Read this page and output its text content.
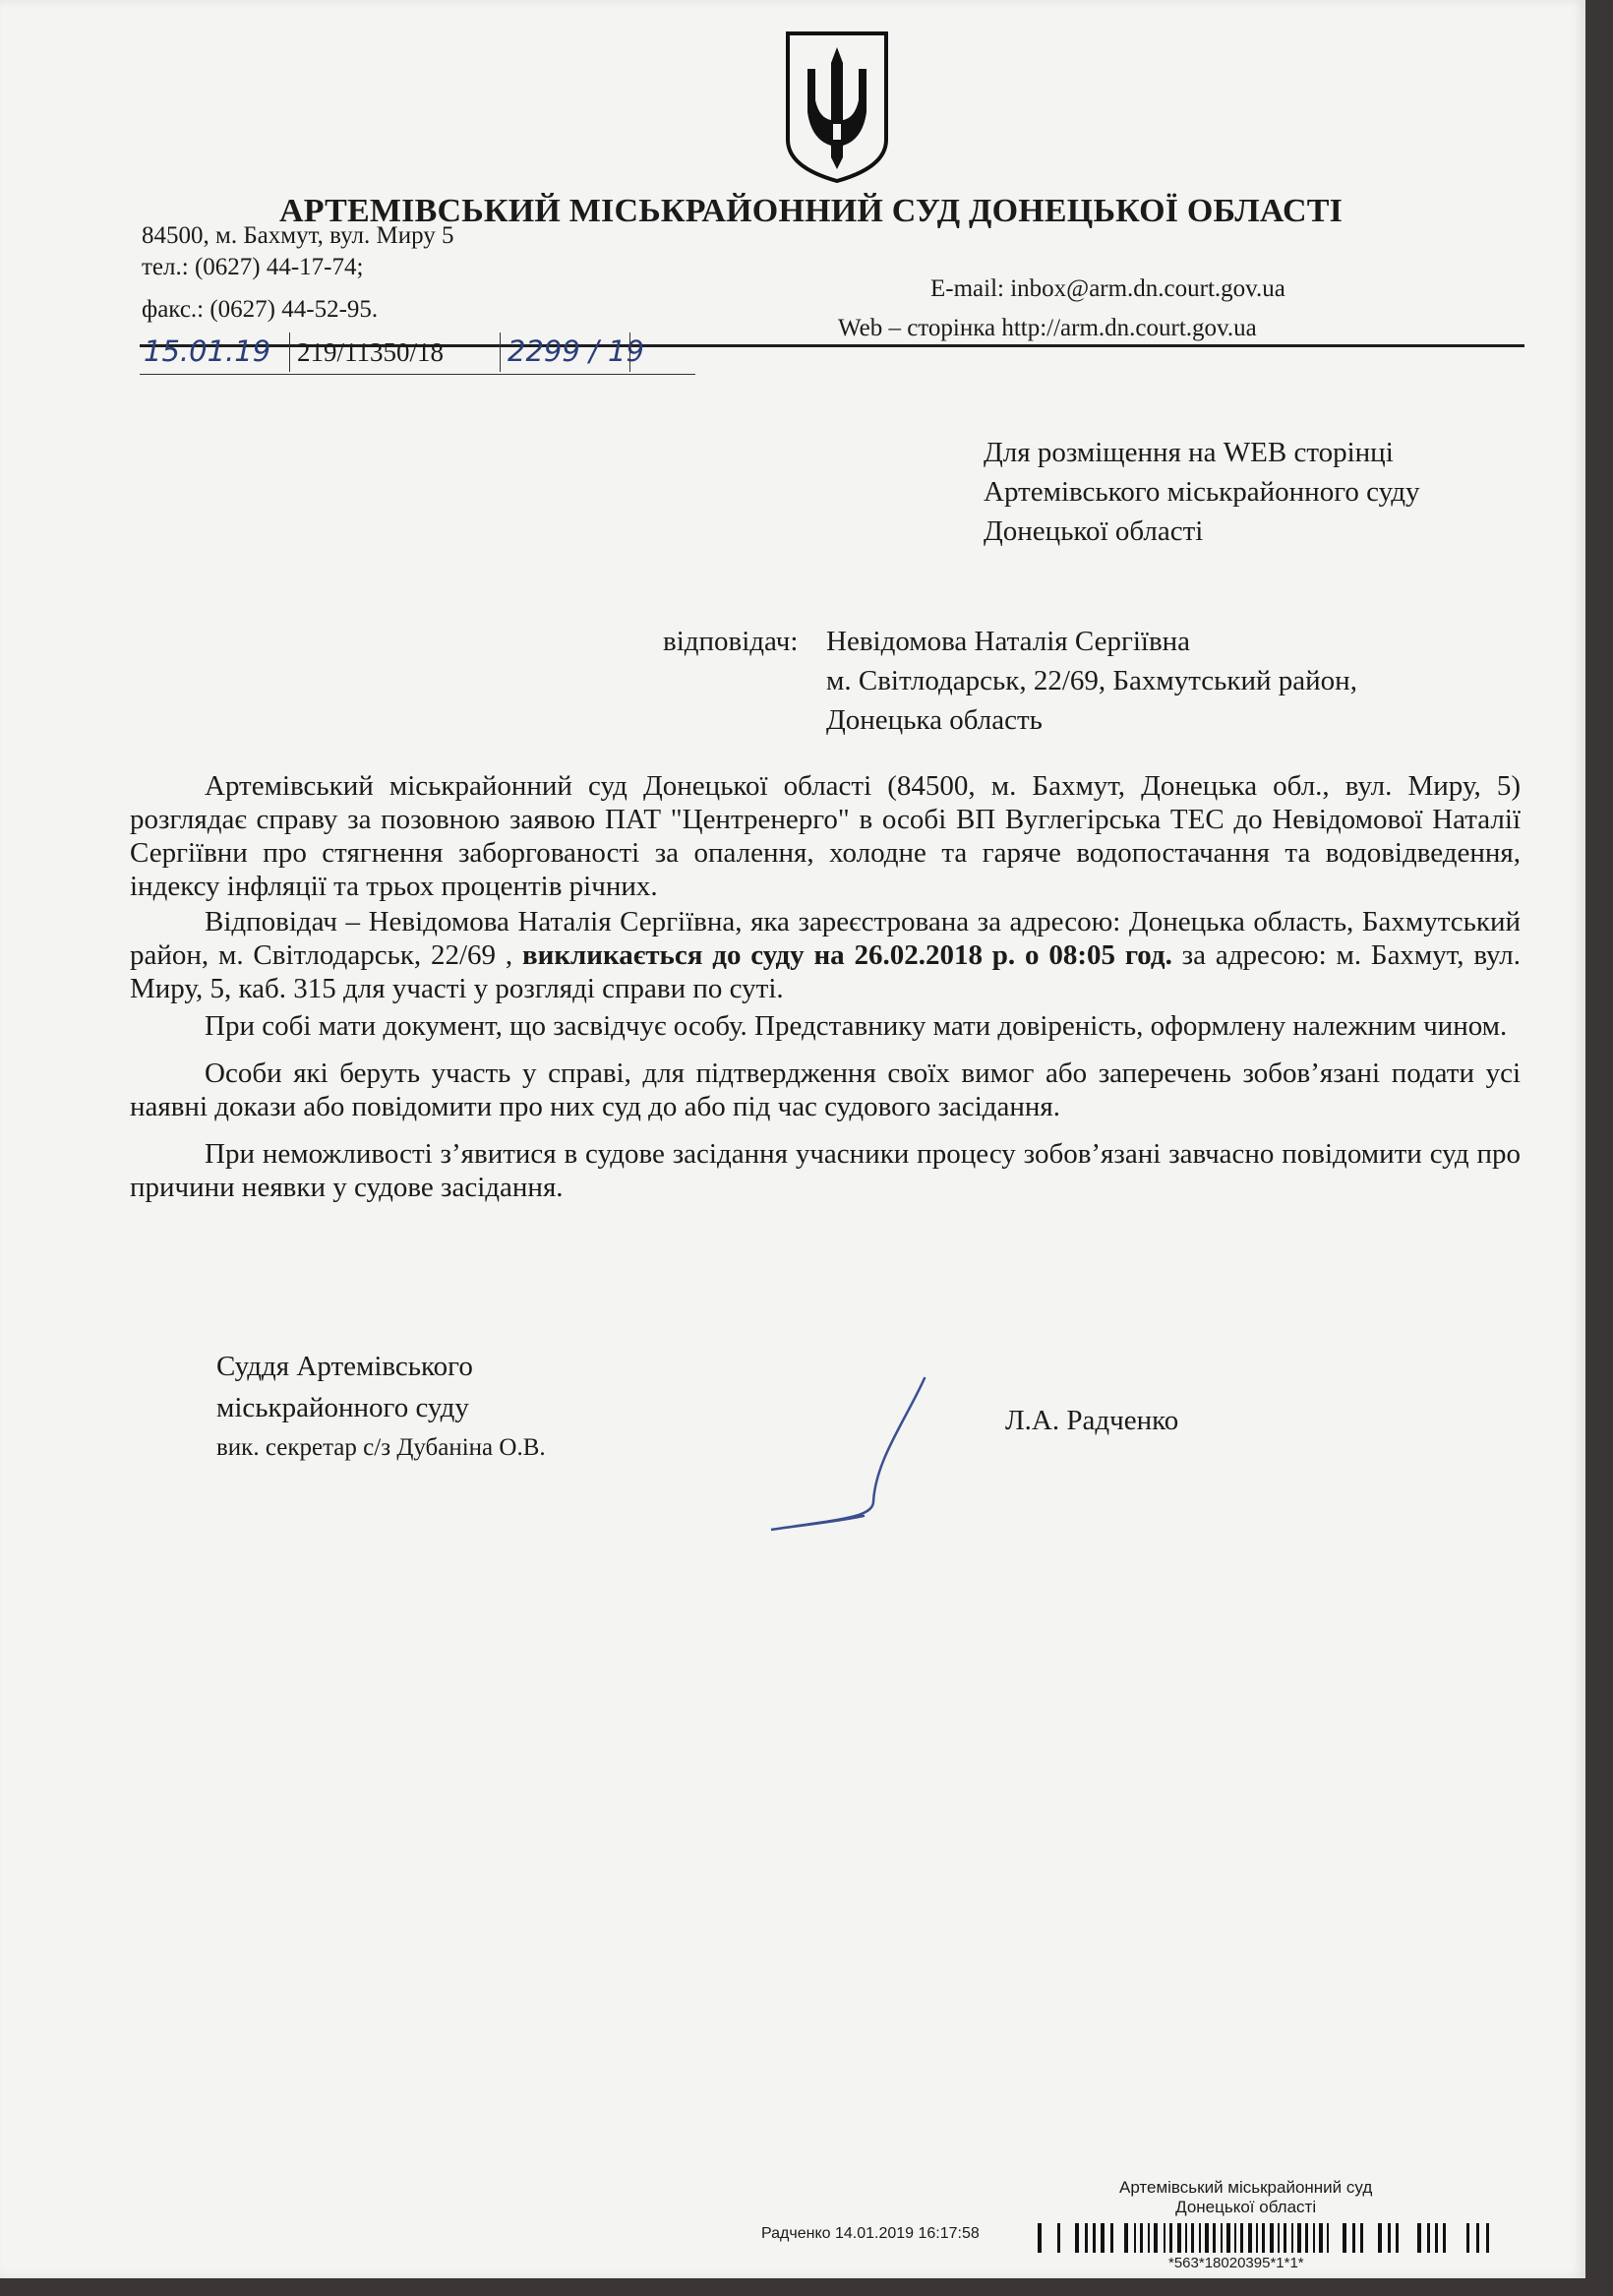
АРТЕМІВСЬКИЙ МІСЬКРАЙОННИЙ СУД ДОНЕЦЬКОЇ ОБЛАСТІ
84500, м. Бахмут, вул. Миру 5
тел.: (0627) 44-17-74;
факс.: (0627) 44-52-95.
E-mail: inbox@arm.dn.court.gov.ua
Web – сторінка http://arm.dn.court.gov.ua
15.01.19 219/11350/18 2299 / 19
Для розміщення на WEB сторінці
Артемівського міськрайонного суду
Донецької області
відповідач: Невідомова Наталія Сергіївна
м. Світлодарськ, 22/69, Бахмутський район,
Донецька область

Артемівський міськрайонний суд Донецької області (84500, м. Бахмут, Донецька обл., вул. Миру, 5) розглядає справу за позовною заявою ПАТ "Центренерго" в особі ВП Вуглегірська ТЕС до Невідомової Наталії Сергіївни про стягнення заборгованості за опалення, холодне та гаряче водопостачання та водовідведення, індексу інфляції та трьох процентів річних.

Відповідач – Невідомова Наталія Сергіївна, яка зареєстрована за адресою: Донецька область, Бахмутський район, м. Світлодарськ, 22/69 , викликається до суду на 26.02.2018 р. о 08:05 год. за адресою: м. Бахмут, вул. Миру, 5, каб. 315 для участі у розгляді справи по суті.

При собі мати документ, що засвідчує особу. Представнику мати довіреність, оформлену належним чином.

Особи які беруть участь у справі, для підтвердження своїх вимог або заперечень зобов’язані подати усі наявні докази або повідомити про них суд до або під час судового засідання.

При неможливості з’явитися в судове засідання учасники процесу зобов’язані завчасно повідомити суд про причини неявки у судове засідання.

Суддя Артемівського
міськрайонного суду
вик. секретар с/з Дубаніна О.В.
Л.А. Радченко
Артемівський міськрайонний суд
Донецької області
Радченко 14.01.2019 16:17:58
*563*18020395*1*1*
